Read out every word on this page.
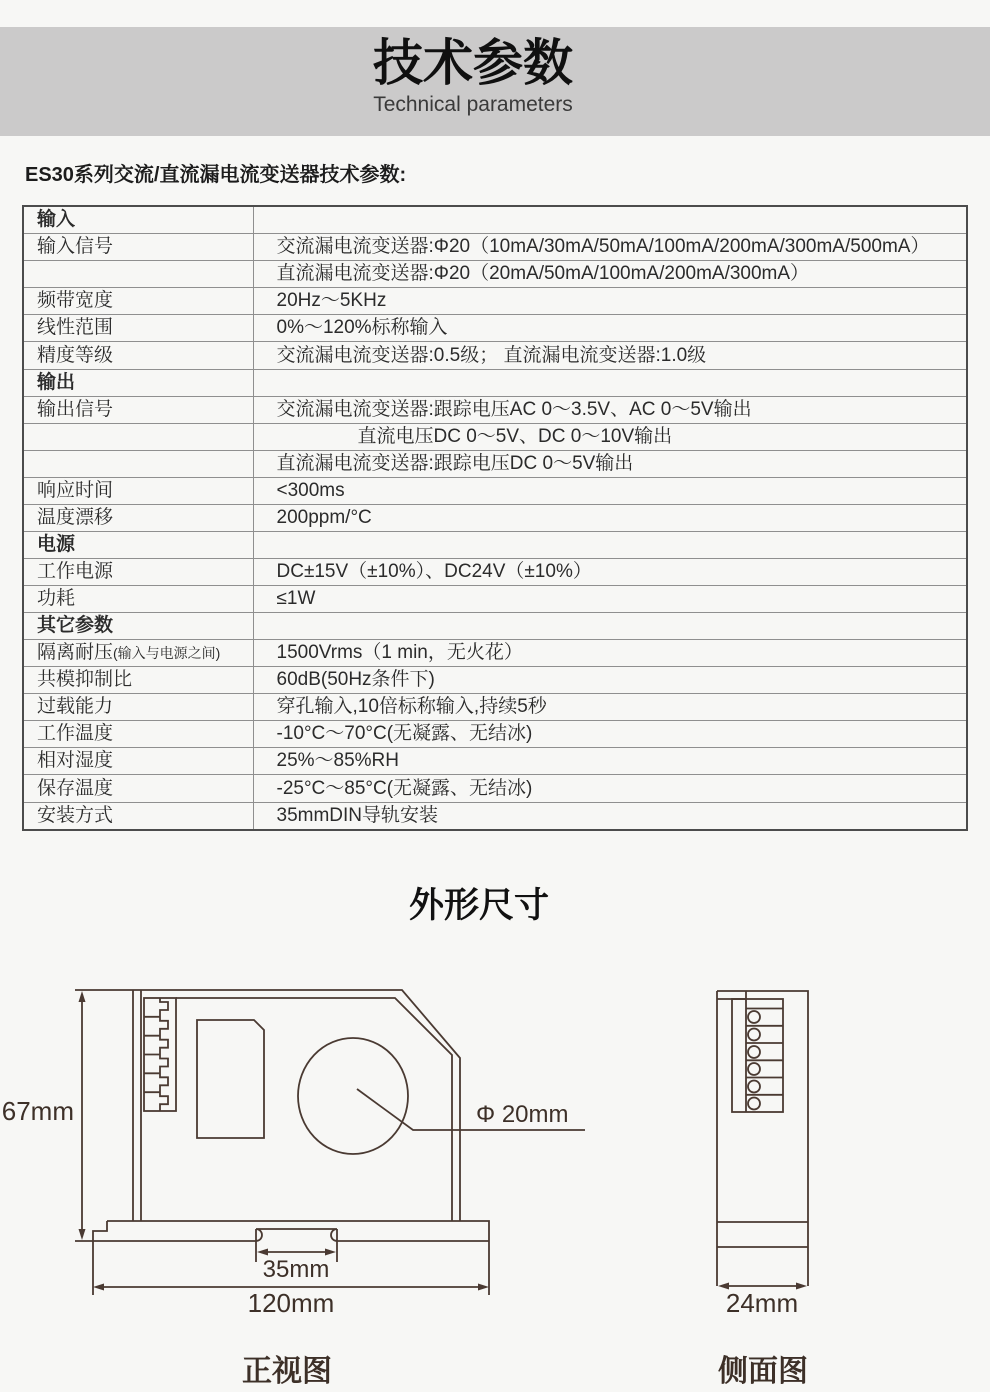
技术参数
Technical parameters
ES30系列交流/直流漏电流变送器技术参数:
输入	
输入信号	交流漏电流变送器:Φ20（10mA/30mA/50mA/100mA/200mA/300mA/500mA）
	直流漏电流变送器:Φ20（20mA/50mA/100mA/200mA/300mA）
频带宽度	20Hz～5KHz
线性范围	0%～120%标称输入
精度等级	交流漏电流变送器:0.5级； 直流漏电流变送器:1.0级
输出	
输出信号	交流漏电流变送器:跟踪电压AC 0～3.5V、AC 0～5V输出
	直流电压DC 0～5V、DC 0～10V输出
	直流漏电流变送器:跟踪电压DC 0～5V输出
响应时间	<300ms
温度漂移	200ppm/°C
电源	
工作电源	DC±15V（±10%）、DC24V（±10%）
功耗	≤1W
其它参数	
隔离耐压(输入与电源之间)	1500Vrms（1 min，无火花）
共模抑制比	60dB(50Hz条件下)
过载能力	穿孔输入,10倍标称输入,持续5秒
工作温度	-10°C～70°C(无凝露、无结冰)
相对湿度	25%～85%RH
保存温度	-25°C～85°C(无凝露、无结冰)
安装方式	35mmDIN导轨安装
外形尺寸
67mm
35mm
120mm
Φ 20mm
正视图
24mm
侧面图
